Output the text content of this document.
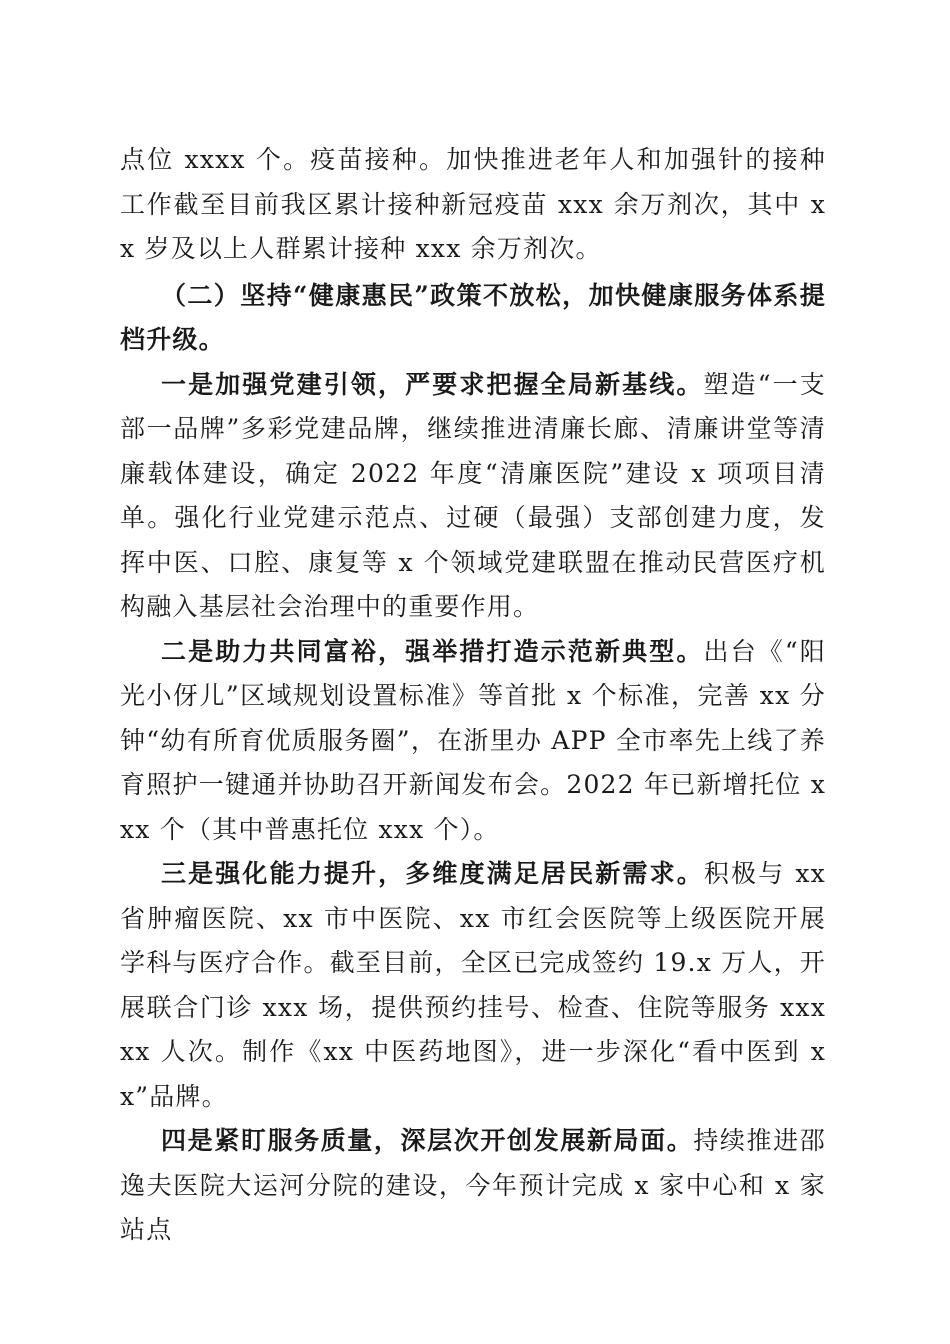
点位 xxxx 个。疫苗接种。加快推进老年人和加强针的接种工作截至目前我区累计接种新冠疫苗 xxx 余万剂次，其中 xx 岁及以上人群累计接种 xxx 余万剂次。

（二）坚持“健康惠民”政策不放松，加快健康服务体系提档升级。

一是加强党建引领，严要求把握全局新基线。塑造“一支部一品牌”多彩党建品牌，继续推进清廉长廊、清廉讲堂等清廉载体建设，确定 2022 年度“清廉医院”建设 x 项项目清单。强化行业党建示范点、过硬（最强）支部创建力度，发挥中医、口腔、康复等 x 个领域党建联盟在推动民营医疗机构融入基层社会治理中的重要作用。

二是助力共同富裕，强举措打造示范新典型。出台《“阳光小伢儿”区域规划设置标准》等首批 x 个标准，完善 xx 分钟“幼有所育优质服务圈”，在浙里办 APP 全市率先上线了养育照护一键通并协助召开新闻发布会。2022 年已新增托位 xxx 个（其中普惠托位 xxx 个）。

三是强化能力提升，多维度满足居民新需求。积极与 xx 省肿瘤医院、xx 市中医院、xx 市红会医院等上级医院开展学科与医疗合作。截至目前，全区已完成签约 19.x 万人，开展联合门诊 xxx 场，提供预约挂号、检查、住院等服务 xxxxx 人次。制作《xx 中医药地图》，进一步深化“看中医到 xx”品牌。

四是紧盯服务质量，深层次开创发展新局面。持续推进邵逸夫医院大运河分院的建设，今年预计完成 x 家中心和 x 家站点
